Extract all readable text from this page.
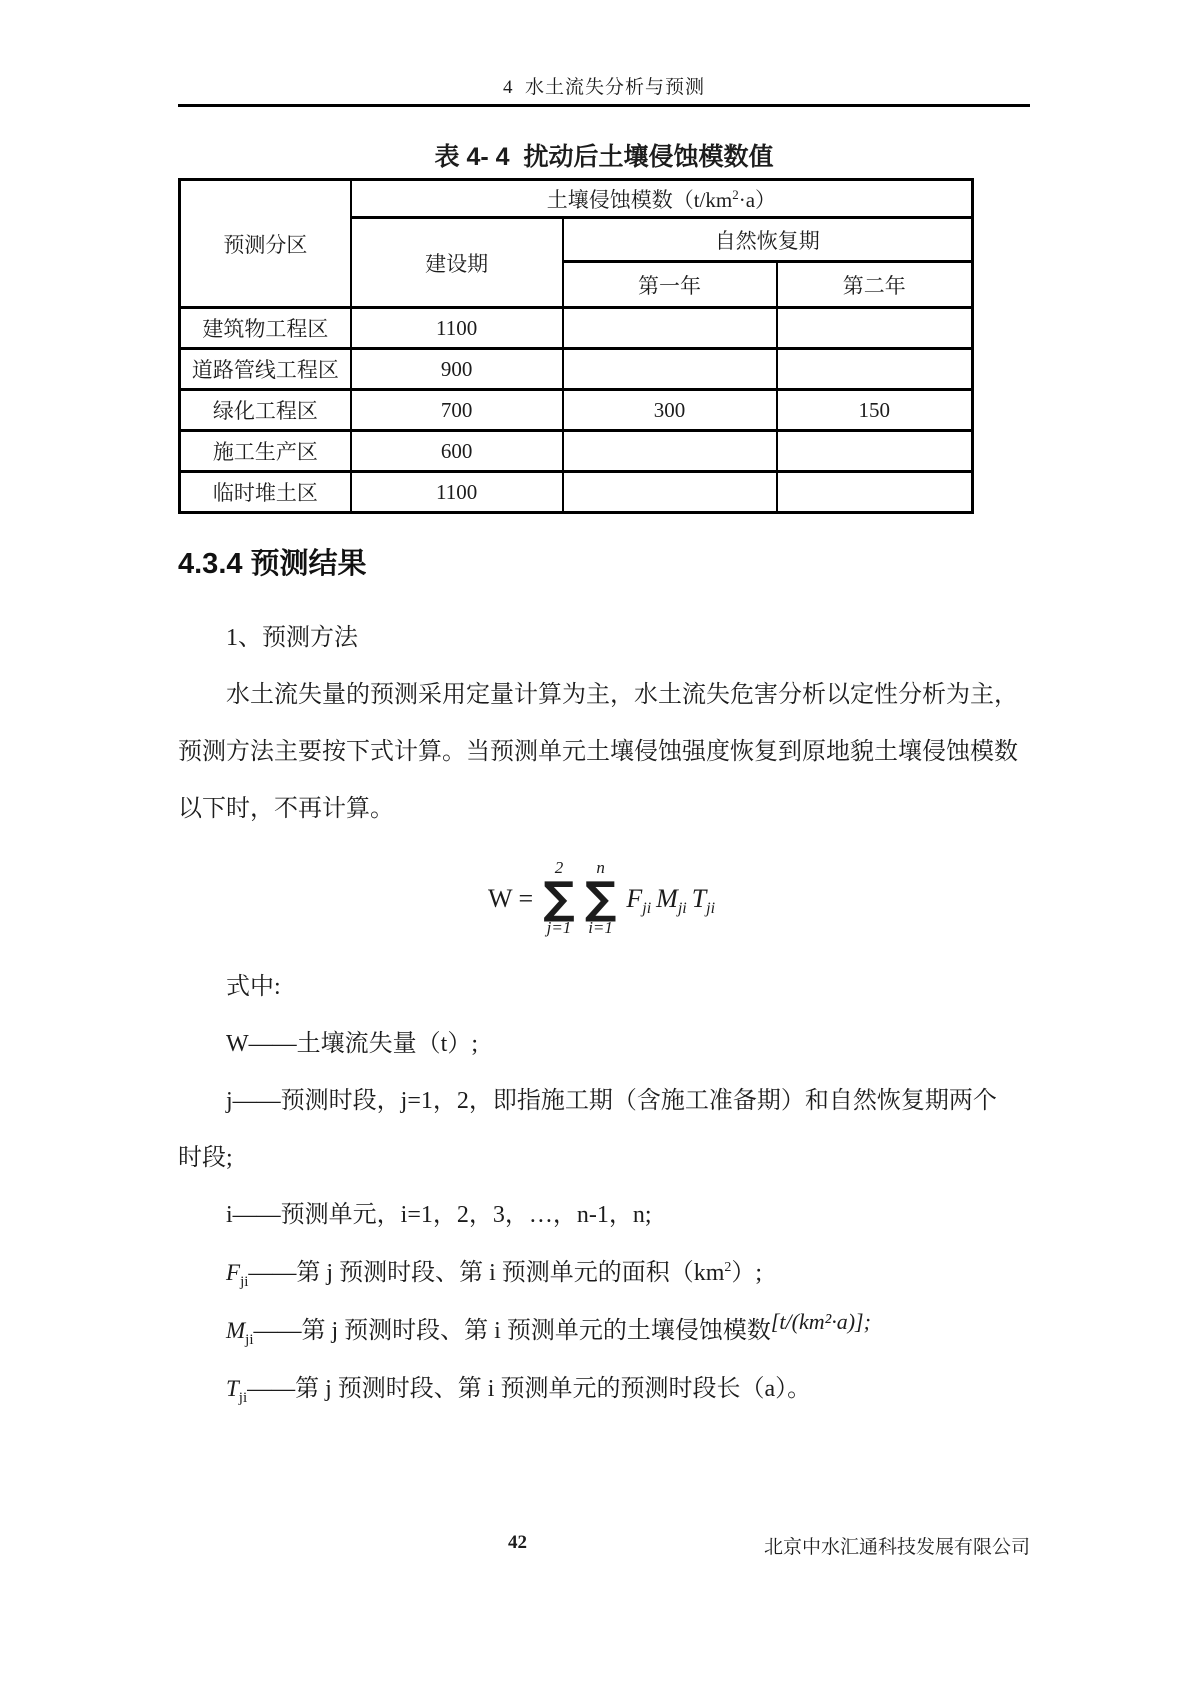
4  水土流失分析与预测
表 4- 4  扰动后土壤侵蚀模数值
预测分区	土壤侵蚀模数$(t/km^2\cdot a)$		
	建设期	自然恢复期	
		第一年	第二年
建筑物工程区	1100		
道路管线工程区	900		
绿化工程区	700	300	150
施工生产区	600		
临时堆土区	1100		
4.3.4 预测结果
1、预测方法
水土流失量的预测采用定量计算为主，水土流失危害分析以定性分析为主，
预测方法主要按下式计算。当预测单元土壤侵蚀强度恢复到原地貌土壤侵蚀模数
以下时，不再计算。
W =
2
∑
j=1
n
∑
i=1
$F_{ji}$ $M_{ji}$ $T_{ji}$
式中:
W——土壤流失量（t）;
j——预测时段，j=1，2，即指施工期（含施工准备期）和自然恢复期两个
时段;
i——预测单元，i=1，2，3，…，n-1，n;
$F_{ji}——$第 j 预测时段、第 i 预测单元的面积$(km^2)$;
$M_{ji}——$第 j 预测时段、第 i 预测单元的土壤侵蚀模数[t/(km²·a)];
$T_{ji}——$第 j 预测时段、第 i 预测单元的预测时段长（a）。
42	北京中水汇通科技发展有限公司
